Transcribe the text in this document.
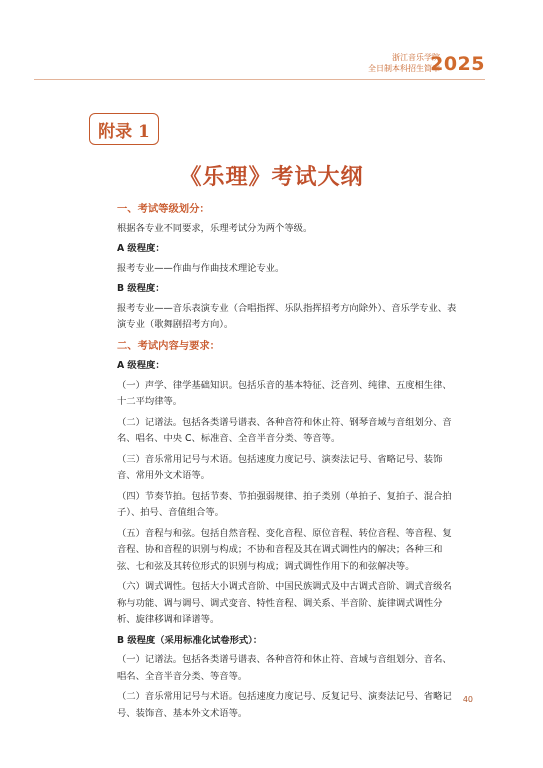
浙江音乐学院
全日制本科招生简章
2025
附录 1
《乐理》考试大纲

一、考试等级划分：

根据各专业不同要求，乐理考试分为两个等级。

A 级程度：

报考专业——作曲与作曲技术理论专业。

B 级程度：

报考专业——音乐表演专业（合唱指挥、乐队指挥招考方向除外）、音乐学专业、表演专业（歌舞剧招考方向）。

二、考试内容与要求：

A 级程度：

（一）声学、律学基础知识。包括乐音的基本特征、泛音列、纯律、五度相生律、十二平均律等。

（二）记谱法。包括各类谱号谱表、各种音符和休止符、钢琴音域与音组划分、音名、唱名、中央 C、标准音、全音半音分类、等音等。

（三）音乐常用记号与术语。包括速度力度记号、演奏法记号、省略记号、装饰音、常用外文术语等。

（四）节奏节拍。包括节奏、节拍强弱规律、拍子类别（单拍子、复拍子、混合拍子）、拍号、音值组合等。

（五）音程与和弦。包括自然音程、变化音程、原位音程、转位音程、等音程、复音程、协和音程的识别与构成；不协和音程及其在调式调性内的解决；各种三和弦、七和弦及其转位形式的识别与构成；调式调性作用下的和弦解决等。

（六）调式调性。包括大小调式音阶、中国民族调式及中古调式音阶、调式音级名称与功能、调与调号、调式变音、特性音程、调关系、半音阶、旋律调式调性分析、旋律移调和译谱等。

B 级程度（采用标准化试卷形式）：

（一）记谱法。包括各类谱号谱表、各种音符和休止符、音域与音组划分、音名、唱名、全音半音分类、等音等。

（二）音乐常用记号与术语。包括速度力度记号、反复记号、演奏法记号、省略记号、装饰音、基本外文术语等。

40
